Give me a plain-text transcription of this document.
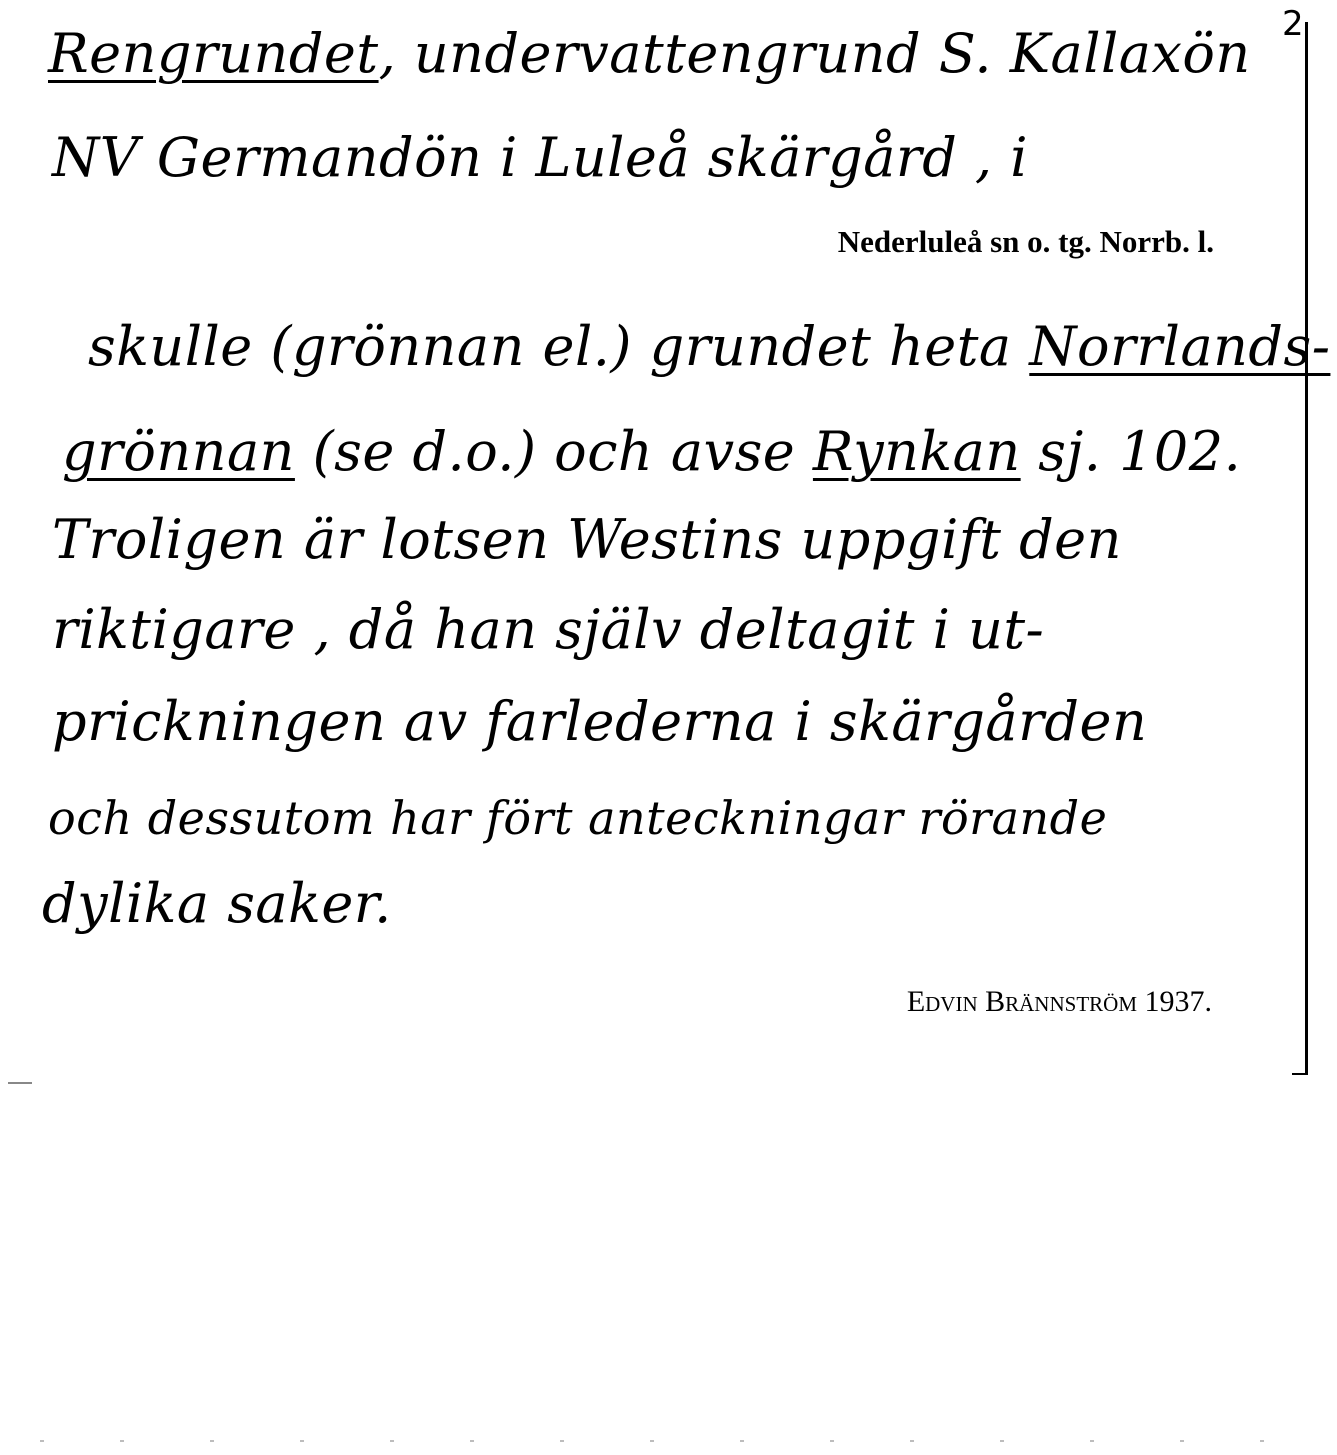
2
Rengrundet, undervattengrund S. Kallaxön
NV Germandön i Luleå skärgård , i
Nederluleå sn o. tg. Norrb. l.
skulle (grönnan el.) grundet heta Norrlands-
grönnan (se d.o.) och avse Rynkan sj. 102.
Troligen är lotsen Westins uppgift den
riktigare , då han själv deltagit i ut-
prickningen av farlederna i skärgården
och dessutom har fört anteckningar rörande
dylika saker.
Edvin Brännström 1937.
